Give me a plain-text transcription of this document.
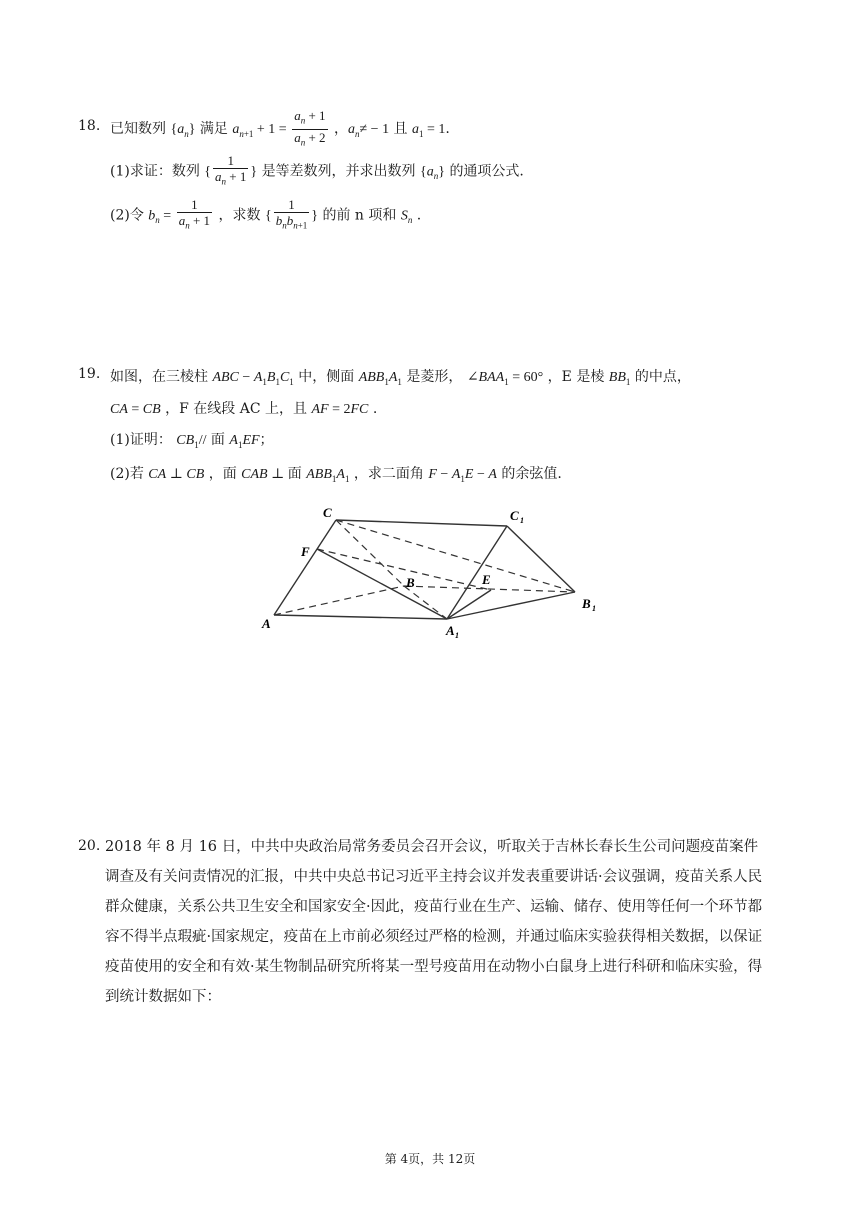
18. 已知数列 $\{a_n\}$ 满足 $a_{n+1} + 1 = \frac{a_n + 1}{a_n + 2}$ ，$a_n\ne - 1$ 且 $a_1 = 1$.
(1)求证：数列 { $\frac{1}{a_n + 1}$ } 是等差数列，并求出数列 $\{a_n\}$ 的通项公式.
(2)令 $b_n = \frac{1}{a_n + 1}$ ，求数 { $\frac{1}{b_nb_{n+1}}$ } 的前 n 项和 $S_n$ .
19. 如图，在三棱柱 ABC − $A_1B_1C_1$ 中，侧面 $ABB_1A_1$ 是菱形， $\angle BAA_1 = 60^\circ$ ，E 是棱 $BB_1$ 的中点，
CA = CB ，F 在线段 AC 上，且 AF = 2FC .
(1)证明： $CB_1//$ 面 $A_1EF$；
(2)若 CA ⊥ CB ，面 CAB ⊥ 面 $ABB_1A_1$ ，求二面角 $F - A_1E - A$ 的余弦值.
C	C 1
F
B	E
A	A 1
B 1
20. 2018 年 8 月 16 日，中共中央政治局常务委员会召开会议，听取关于吉林长春长生公司问题疫苗案件调查及有关问责情况的汇报，中共中央总书记习近平主持会议并发表重要讲话·会议强调，疫苗关系人民群众健康，关系公共卫生安全和国家安全·因此，疫苗行业在生产、运输、储存、使用等任何一个环节都容不得半点瑕疵·国家规定，疫苗在上市前必须经过严格的检测，并通过临床实验获得相关数据，以保证疫苗使用的安全和有效·某生物制品研究所将某一型号疫苗用在动物小白鼠身上进行科研和临床实验，得到统计数据如下：
第 4页，共 12页
